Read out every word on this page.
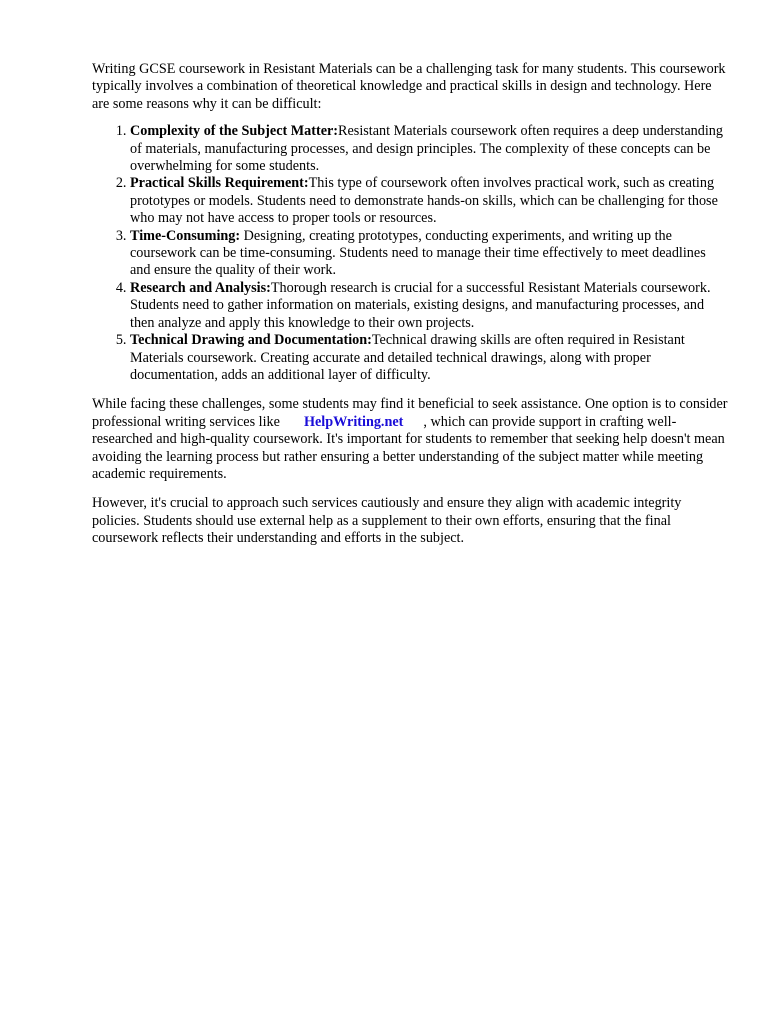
Writing GCSE coursework in Resistant Materials can be a challenging task for many students. This coursework typically involves a combination of theoretical knowledge and practical skills in design and technology. Here are some reasons why it can be difficult:

1. Complexity of the Subject Matter:Resistant Materials coursework often requires a deep understanding of materials, manufacturing processes, and design principles. The complexity of these concepts can be overwhelming for some students.
2. Practical Skills Requirement:This type of coursework often involves practical work, such as creating prototypes or models. Students need to demonstrate hands-on skills, which can be challenging for those who may not have access to proper tools or resources.
3. Time-Consuming: Designing, creating prototypes, conducting experiments, and writing up the coursework can be time-consuming. Students need to manage their time effectively to meet deadlines and ensure the quality of their work.
4. Research and Analysis:Thorough research is crucial for a successful Resistant Materials coursework. Students need to gather information on materials, existing designs, and manufacturing processes, and then analyze and apply this knowledge to their own projects.
5. Technical Drawing and Documentation:Technical drawing skills are often required in Resistant Materials coursework. Creating accurate and detailed technical drawings, along with proper documentation, adds an additional layer of difficulty.

While facing these challenges, some students may find it beneficial to seek assistance. One option is to consider professional writing services like HelpWriting.net , which can provide support in crafting well-researched and high-quality coursework. It's important for students to remember that seeking help doesn't mean avoiding the learning process but rather ensuring a better understanding of the subject matter while meeting academic requirements.

However, it's crucial to approach such services cautiously and ensure they align with academic integrity policies. Students should use external help as a supplement to their own efforts, ensuring that the final coursework reflects their understanding and efforts in the subject.
